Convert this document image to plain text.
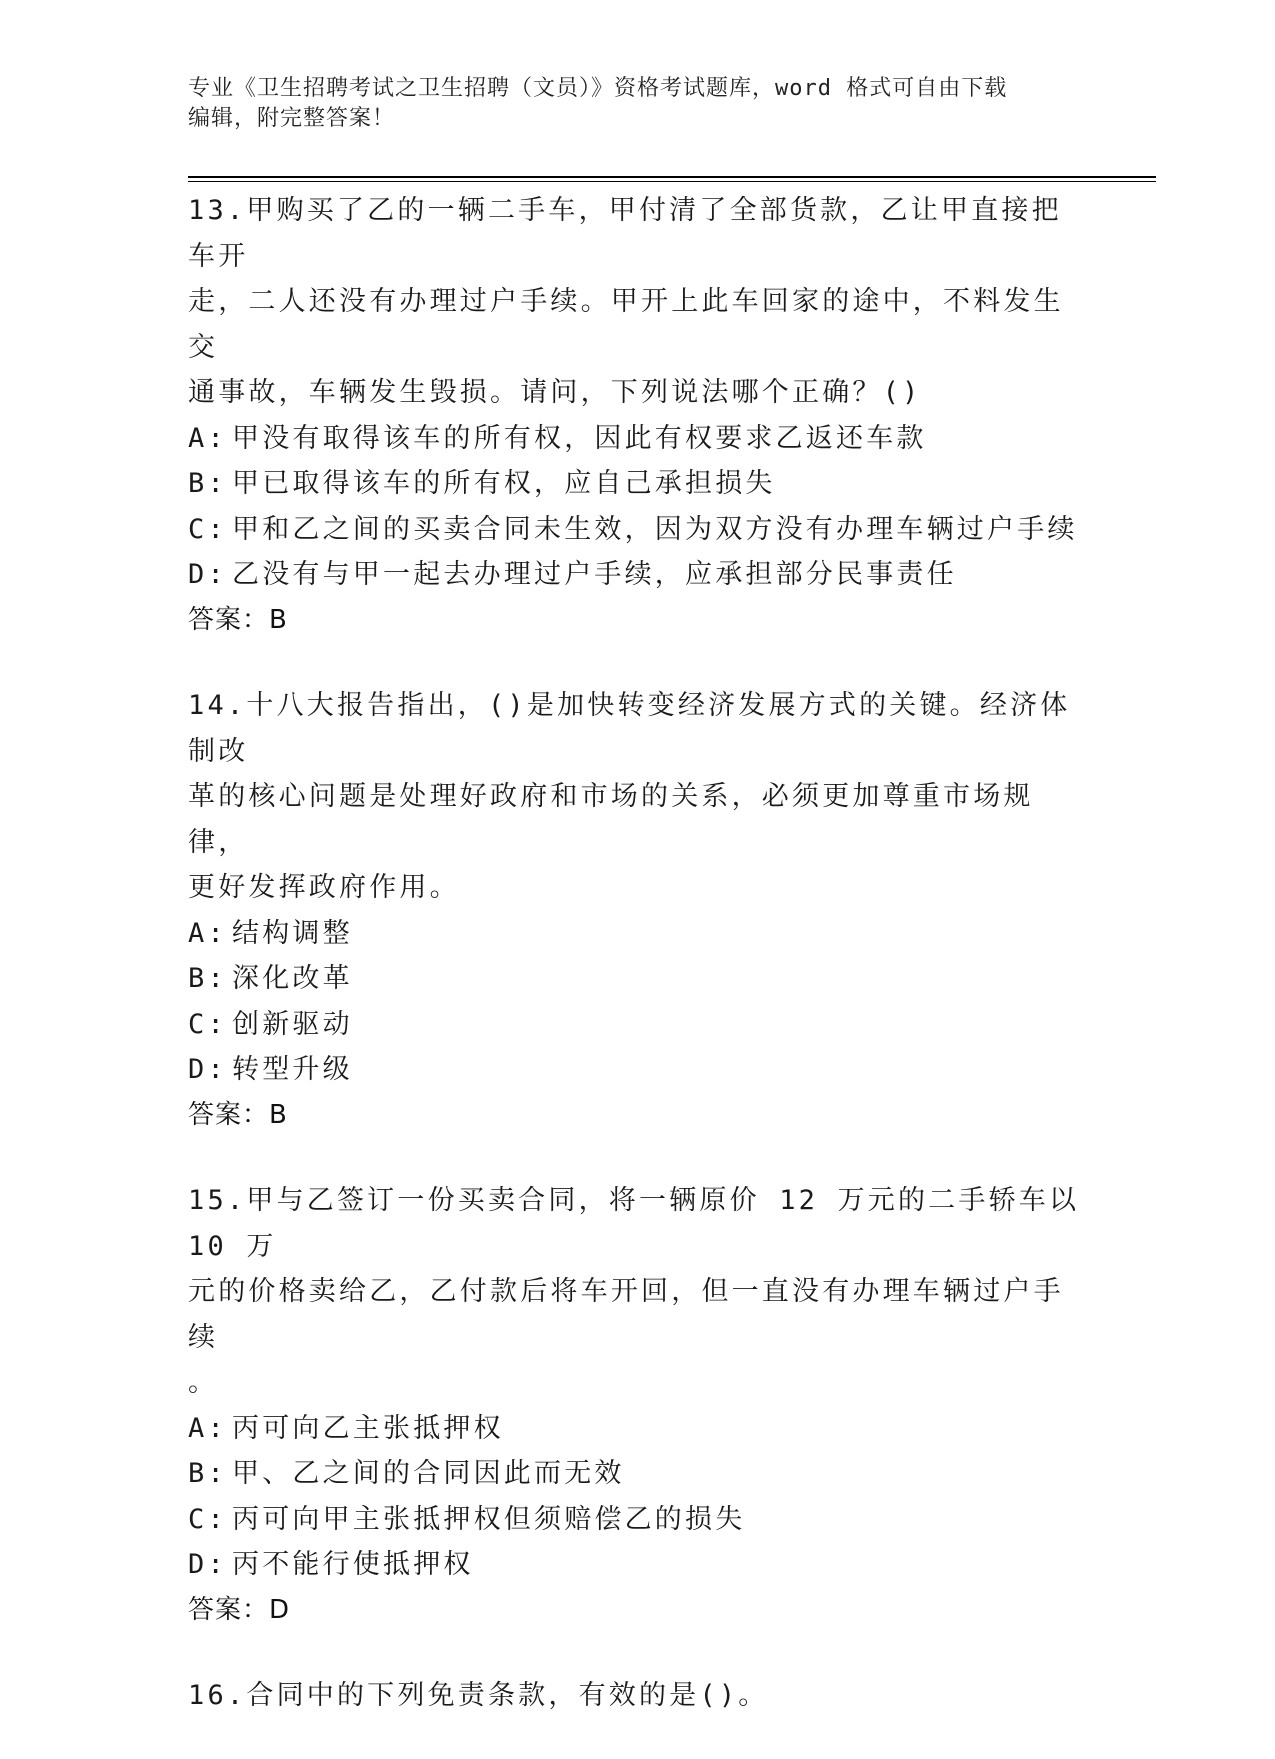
专业《卫生招聘考试之卫生招聘（文员）》资格考试题库，word 格式可自由下载
编辑，附完整答案！

13.甲购买了乙的一辆二手车，甲付清了全部货款，乙让甲直接把车开

走，二人还没有办理过户手续。甲开上此车回家的途中，不料发生交

通事故，车辆发生毁损。请问，下列说法哪个正确？()

A: 甲没有取得该车的所有权，因此有权要求乙返还车款

B: 甲已取得该车的所有权，应自己承担损失

C: 甲和乙之间的买卖合同未生效，因为双方没有办理车辆过户手续

D: 乙没有与甲一起去办理过户手续，应承担部分民事责任

答案：B

14.十八大报告指出，()是加快转变经济发展方式的关键。经济体制改

革的核心问题是处理好政府和市场的关系，必须更加尊重市场规律，

更好发挥政府作用。

A: 结构调整

B: 深化改革

C: 创新驱动

D: 转型升级

答案：B

15.甲与乙签订一份买卖合同，将一辆原价 12 万元的二手轿车以 10 万

元的价格卖给乙，乙付款后将车开回，但一直没有办理车辆过户手续

。

A: 丙可向乙主张抵押权

B: 甲、乙之间的合同因此而无效

C: 丙可向甲主张抵押权但须赔偿乙的损失

D: 丙不能行使抵押权

答案：D

16.合同中的下列免责条款，有效的是()。
